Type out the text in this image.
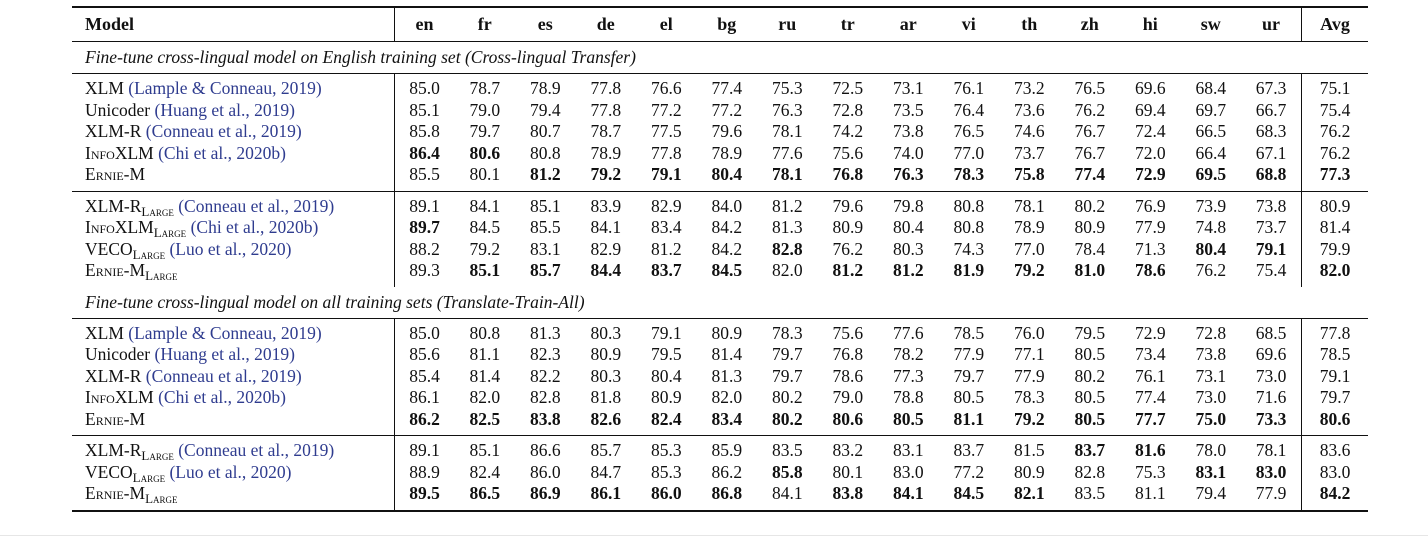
Model	en	fr	es	de	el	bg	ru	tr	ar	vi	th	zh	hi	sw	ur	Avg
Fine-tune cross-lingual model on English training set (Cross-lingual Transfer)																
XLM (Lample & Conneau, 2019)	85.0	78.7	78.9	77.8	76.6	77.4	75.3	72.5	73.1	76.1	73.2	76.5	69.6	68.4	67.3	75.1
Unicoder (Huang et al., 2019)	85.1	79.0	79.4	77.8	77.2	77.2	76.3	72.8	73.5	76.4	73.6	76.2	69.4	69.7	66.7	75.4
XLM-R (Conneau et al., 2019)	85.8	79.7	80.7	78.7	77.5	79.6	78.1	74.2	73.8	76.5	74.6	76.7	72.4	66.5	68.3	76.2
InfoXLM (Chi et al., 2020b)	86.4	80.6	80.8	78.9	77.8	78.9	77.6	75.6	74.0	77.0	73.7	76.7	72.0	66.4	67.1	76.2
Ernie-M	85.5	80.1	81.2	79.2	79.1	80.4	78.1	76.8	76.3	78.3	75.8	77.4	72.9	69.5	68.8	77.3
XLM-$R_{Large}$ (Conneau et al., 2019)	89.1	84.1	85.1	83.9	82.9	84.0	81.2	79.6	79.8	80.8	78.1	80.2	76.9	73.9	73.8	80.9
InfoXLM$_{Large}$ (Chi et al., 2020b)	89.7	84.5	85.5	84.1	83.4	84.2	81.3	80.9	80.4	80.8	78.9	80.9	77.9	74.8	73.7	81.4
$VECO_{Large}$ (Luo et al., 2020)	88.2	79.2	83.1	82.9	81.2	84.2	82.8	76.2	80.3	74.3	77.0	78.4	71.3	80.4	79.1	79.9
Ernie-$M_{Large}$	89.3	85.1	85.7	84.4	83.7	84.5	82.0	81.2	81.2	81.9	79.2	81.0	78.6	76.2	75.4	82.0
Fine-tune cross-lingual model on all training sets (Translate-Train-All)																
XLM (Lample & Conneau, 2019)	85.0	80.8	81.3	80.3	79.1	80.9	78.3	75.6	77.6	78.5	76.0	79.5	72.9	72.8	68.5	77.8
Unicoder (Huang et al., 2019)	85.6	81.1	82.3	80.9	79.5	81.4	79.7	76.8	78.2	77.9	77.1	80.5	73.4	73.8	69.6	78.5
XLM-R (Conneau et al., 2019)	85.4	81.4	82.2	80.3	80.4	81.3	79.7	78.6	77.3	79.7	77.9	80.2	76.1	73.1	73.0	79.1
InfoXLM (Chi et al., 2020b)	86.1	82.0	82.8	81.8	80.9	82.0	80.2	79.0	78.8	80.5	78.3	80.5	77.4	73.0	71.6	79.7
Ernie-M	86.2	82.5	83.8	82.6	82.4	83.4	80.2	80.6	80.5	81.1	79.2	80.5	77.7	75.0	73.3	80.6
XLM-$R_{Large}$ (Conneau et al., 2019)	89.1	85.1	86.6	85.7	85.3	85.9	83.5	83.2	83.1	83.7	81.5	83.7	81.6	78.0	78.1	83.6
$VECO_{Large}$ (Luo et al., 2020)	88.9	82.4	86.0	84.7	85.3	86.2	85.8	80.1	83.0	77.2	80.9	82.8	75.3	83.1	83.0	83.0
Ernie-$M_{Large}$	89.5	86.5	86.9	86.1	86.0	86.8	84.1	83.8	84.1	84.5	82.1	83.5	81.1	79.4	77.9	84.2
